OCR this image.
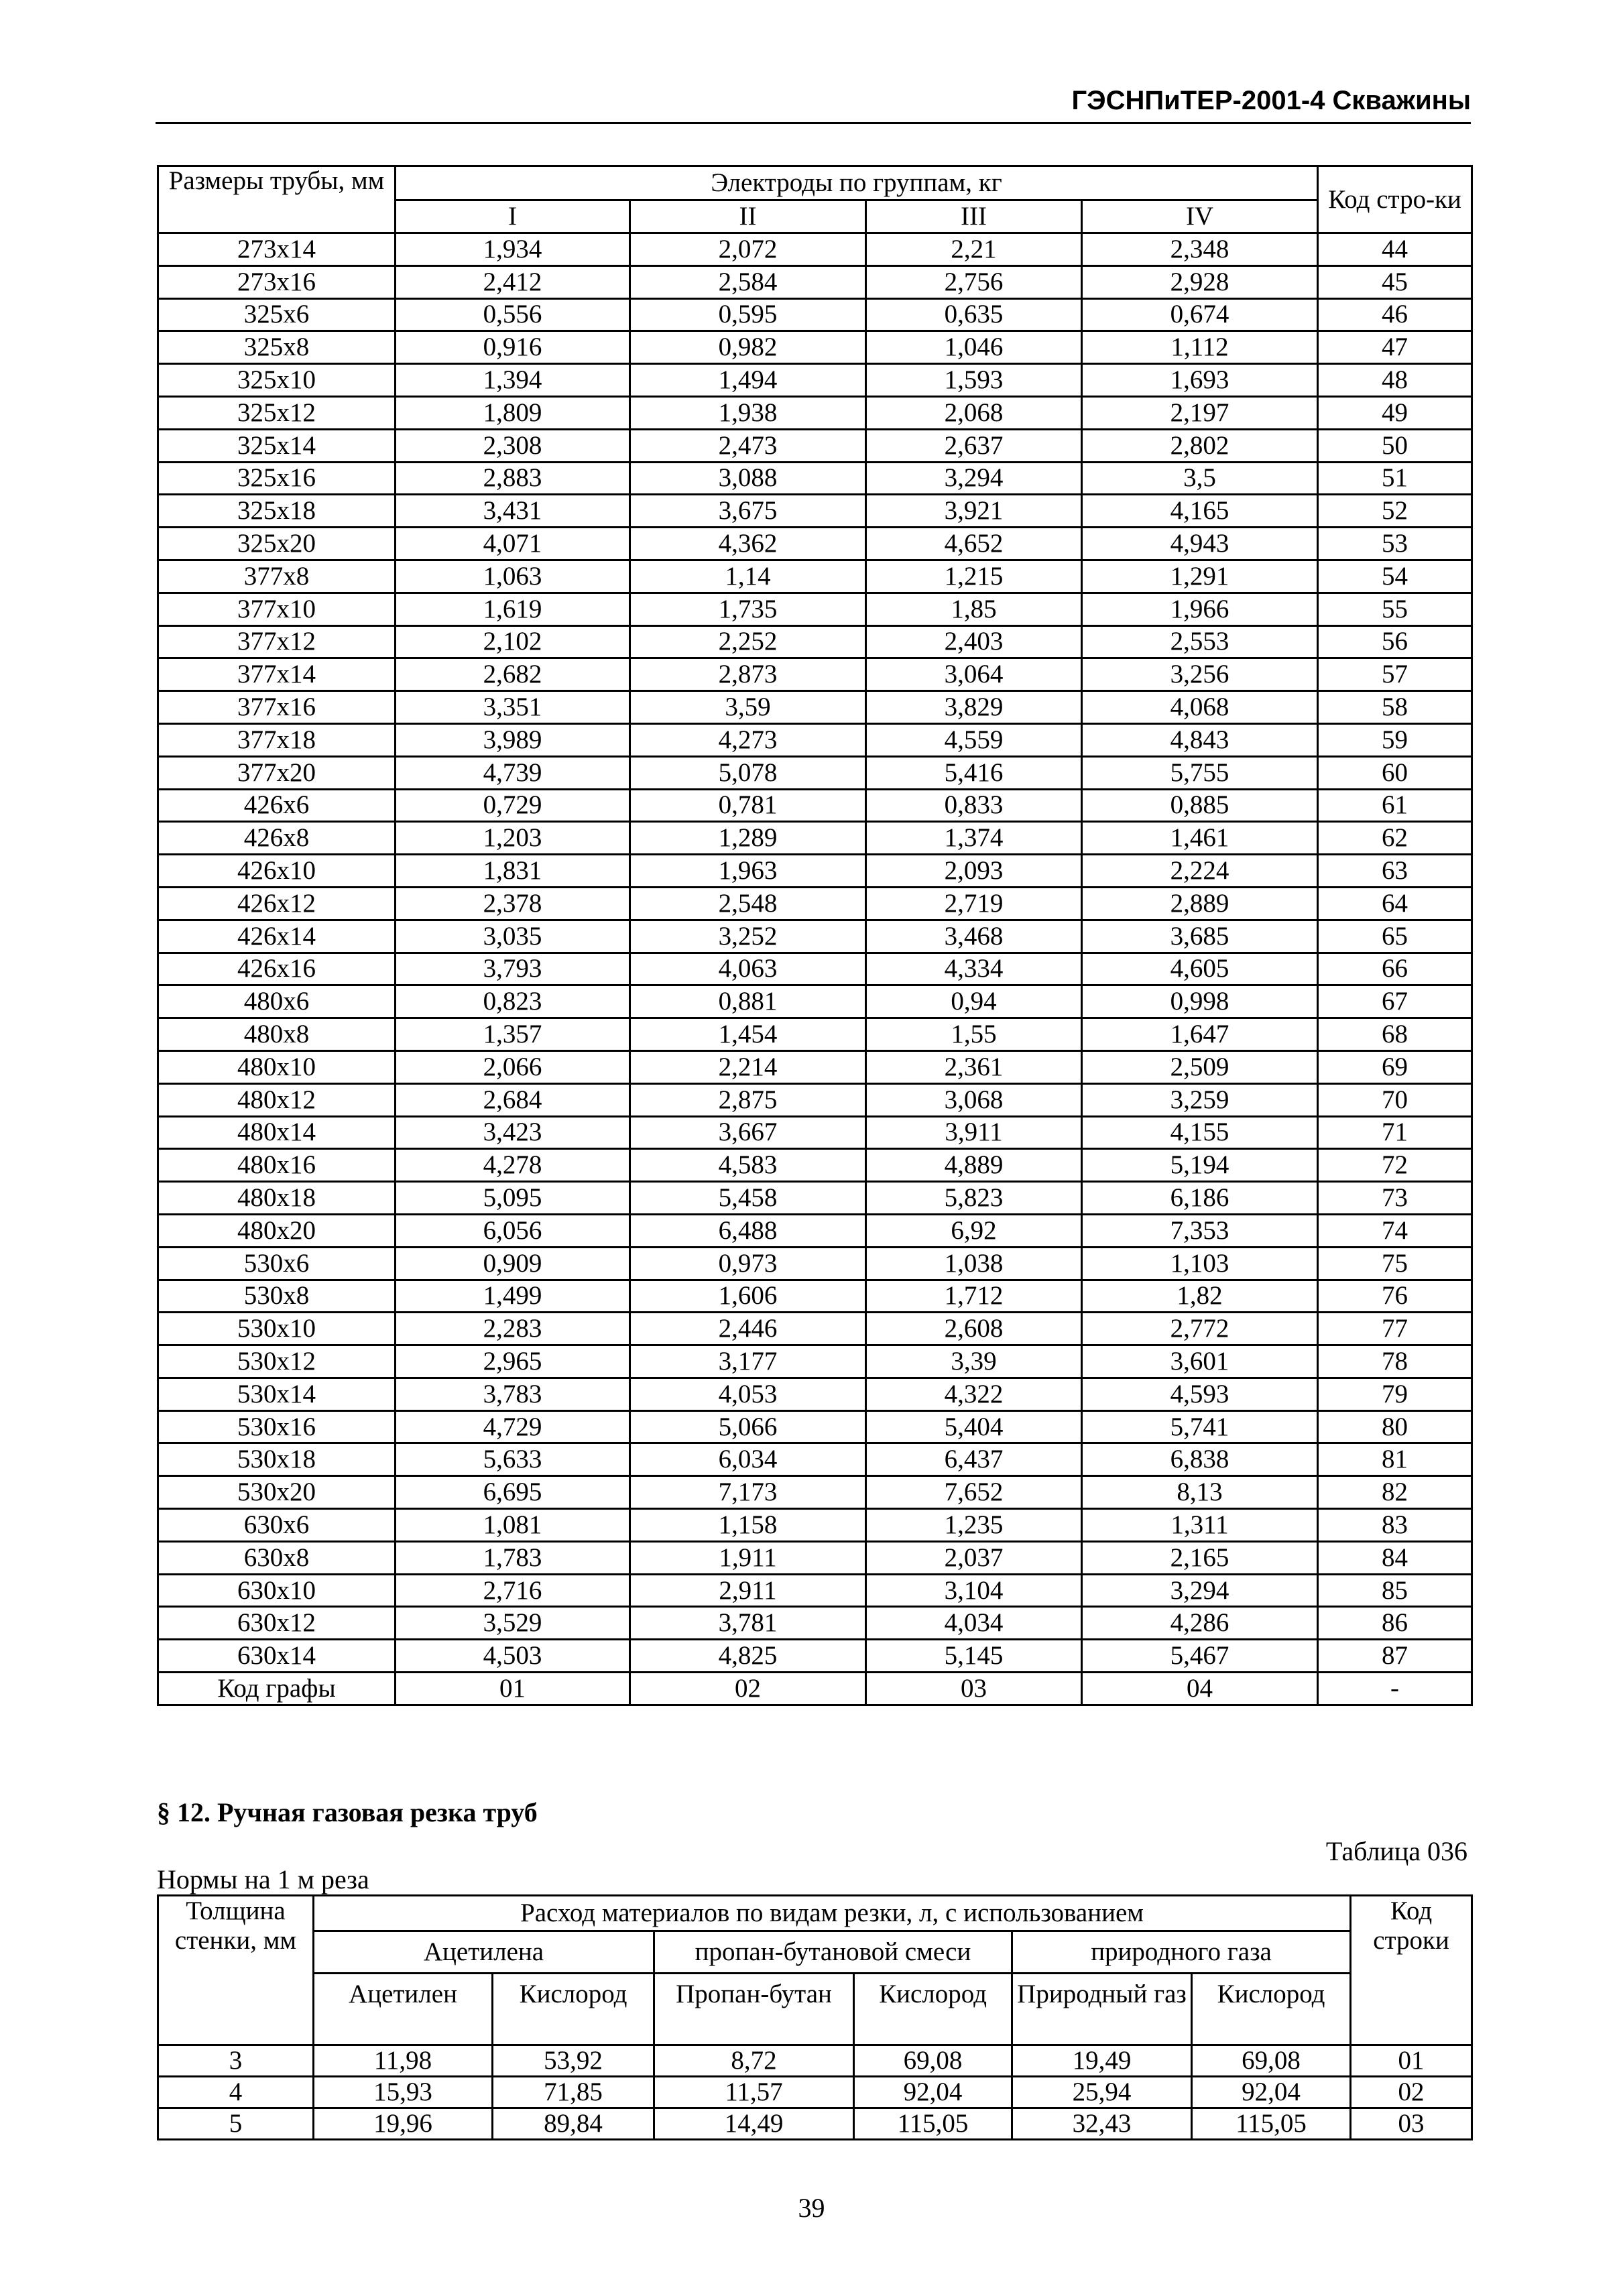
ГЭСНПиТЕР-2001-4 Скважины
Размеры трубы, мм	Электроды по группам, кг				Код стро-ки
	I	II	III	IV	
273x14	1,934	2,072	2,21	2,348	44
273x16	2,412	2,584	2,756	2,928	45
325x6	0,556	0,595	0,635	0,674	46
325x8	0,916	0,982	1,046	1,112	47
325x10	1,394	1,494	1,593	1,693	48
325x12	1,809	1,938	2,068	2,197	49
325x14	2,308	2,473	2,637	2,802	50
325x16	2,883	3,088	3,294	3,5	51
325x18	3,431	3,675	3,921	4,165	52
325x20	4,071	4,362	4,652	4,943	53
377x8	1,063	1,14	1,215	1,291	54
377x10	1,619	1,735	1,85	1,966	55
377x12	2,102	2,252	2,403	2,553	56
377x14	2,682	2,873	3,064	3,256	57
377x16	3,351	3,59	3,829	4,068	58
377x18	3,989	4,273	4,559	4,843	59
377x20	4,739	5,078	5,416	5,755	60
426x6	0,729	0,781	0,833	0,885	61
426x8	1,203	1,289	1,374	1,461	62
426x10	1,831	1,963	2,093	2,224	63
426x12	2,378	2,548	2,719	2,889	64
426x14	3,035	3,252	3,468	3,685	65
426x16	3,793	4,063	4,334	4,605	66
480x6	0,823	0,881	0,94	0,998	67
480x8	1,357	1,454	1,55	1,647	68
480x10	2,066	2,214	2,361	2,509	69
480x12	2,684	2,875	3,068	3,259	70
480x14	3,423	3,667	3,911	4,155	71
480x16	4,278	4,583	4,889	5,194	72
480x18	5,095	5,458	5,823	6,186	73
480x20	6,056	6,488	6,92	7,353	74
530x6	0,909	0,973	1,038	1,103	75
530x8	1,499	1,606	1,712	1,82	76
530x10	2,283	2,446	2,608	2,772	77
530x12	2,965	3,177	3,39	3,601	78
530x14	3,783	4,053	4,322	4,593	79
530x16	4,729	5,066	5,404	5,741	80
530x18	5,633	6,034	6,437	6,838	81
530x20	6,695	7,173	7,652	8,13	82
630x6	1,081	1,158	1,235	1,311	83
630x8	1,783	1,911	2,037	2,165	84
630x10	2,716	2,911	3,104	3,294	85
630x12	3,529	3,781	4,034	4,286	86
630x14	4,503	4,825	5,145	5,467	87
Код графы	01	02	03	04	-
§ 12. Ручная газовая резка труб
Таблица 036
Нормы на 1 м реза
Толщина стенки, мм	Расход материалов по видам резки, л, с использованием						Код строки
	Ацетилена		пропан-бутановой смеси		природного газа		
	Ацетилен	Кислород	Пропан-бутан	Кислород	Природный газ	Кислород	
3	11,98	53,92	8,72	69,08	19,49	69,08	01
4	15,93	71,85	11,57	92,04	25,94	92,04	02
5	19,96	89,84	14,49	115,05	32,43	115,05	03
39
